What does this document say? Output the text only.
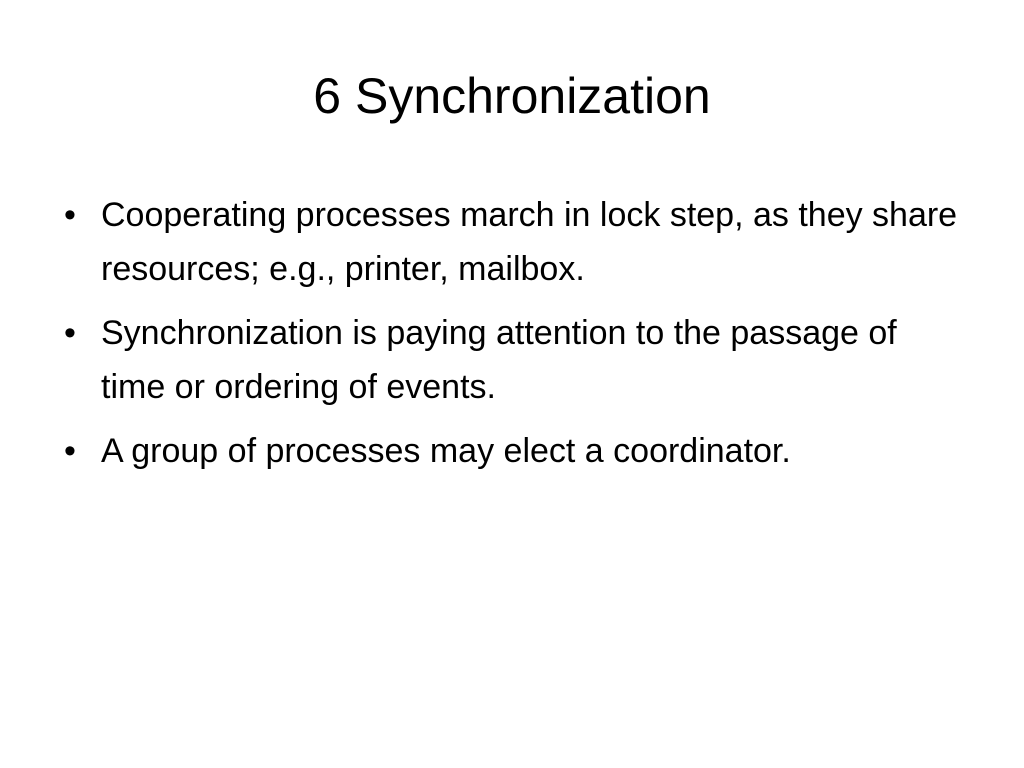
6 Synchronization
• Cooperating processes march in lock step, as they share resources; e.g., printer, mailbox.
• Synchronization is paying attention to the passage of time or ordering of events.
• A group of processes may elect a coordinator.
